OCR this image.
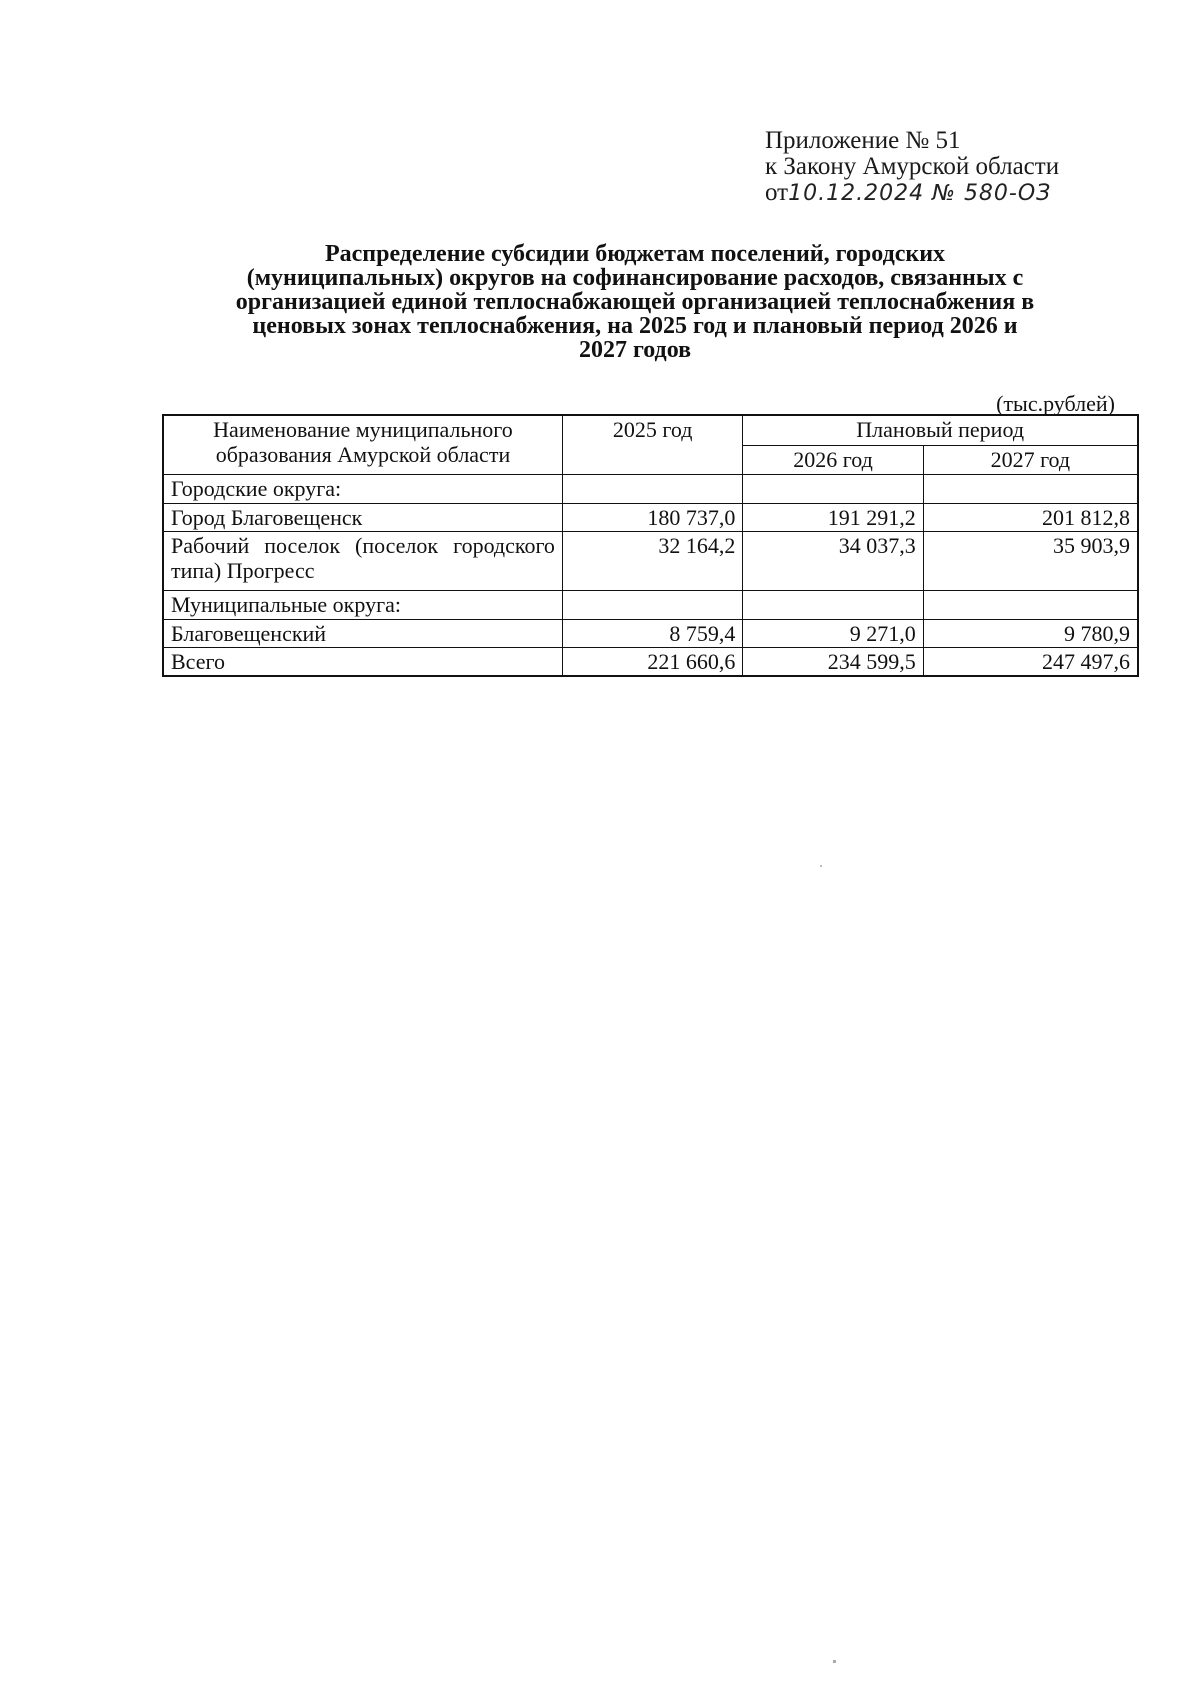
Приложение № 51
к Закону Амурской области
от10.12.2024 № 580-ОЗ
Распределение субсидии бюджетам поселений, городских
(муниципальных) округов на софинансирование расходов, связанных с
организацией единой теплоснабжающей организацией теплоснабжения в
ценовых зонах теплоснабжения, на 2025 год и плановый период 2026 и
2027 годов
(тыс.рублей)
Наименование муниципального образования Амурской области	2025 год	Плановый период	
		2026 год	2027 год
Городские округа:			
Город Благовещенск	180 737,0	191 291,2	201 812,8
Рабочий поселок (поселок городского типа) Прогресс	32 164,2	34 037,3	35 903,9
Муниципальные округа:			
Благовещенский	8 759,4	9 271,0	9 780,9
Всего	221 660,6	234 599,5	247 497,6
